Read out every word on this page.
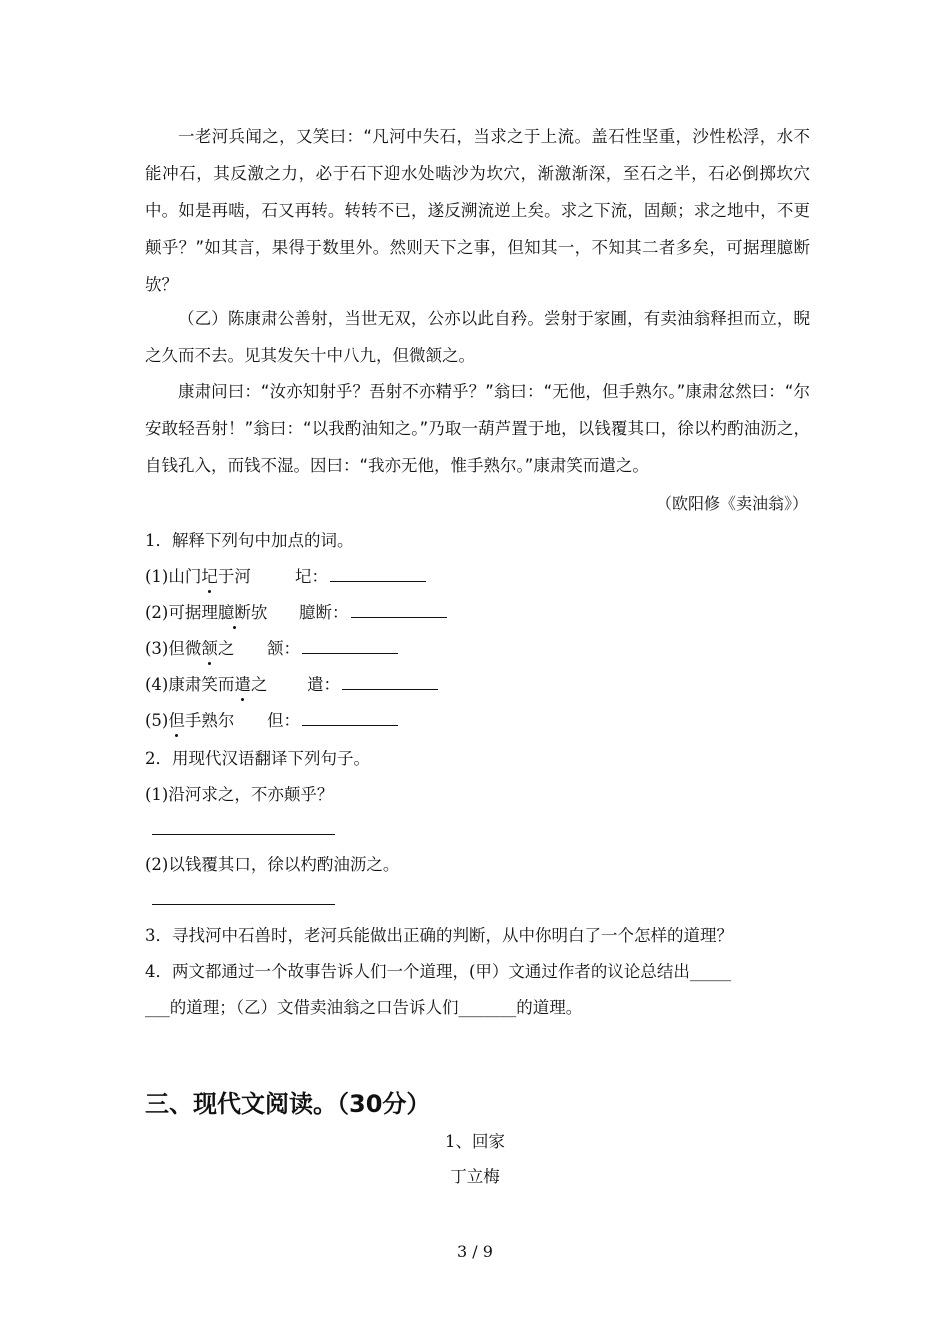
一老河兵闻之，又笑曰：“凡河中失石，当求之于上流。盖石性坚重，沙性松浮，水不能冲石，其反激之力，必于石下迎水处啮沙为坎穴，渐激渐深，至石之半，石必倒掷坎穴中。如是再啮，石又再转。转转不已，遂反溯流逆上矣。求之下流，固颠；求之地中，不更颠乎？”如其言，果得于数里外。然则天下之事，但知其一，不知其二者多矣，可据理臆断欤？

（乙）陈康肃公善射，当世无双，公亦以此自矜。尝射于家圃，有卖油翁释担而立，睨之久而不去。见其发矢十中八九，但微颔之。

康肃问曰：“汝亦知射乎？吾射不亦精乎？”翁曰：“无他，但手熟尔。”康肃忿然曰：“尔安敢轻吾射！”翁曰：“以我酌油知之。”乃取一葫芦置于地，以钱覆其口，徐以杓酌油沥之，自钱孔入，而钱不湿。因曰：“我亦无他，惟手熟尔。”康肃笑而遣之。

（欧阳修《卖油翁》）
1．解释下列句中加点的词。
(1)山门圮于河	圮：
(2)可据理臆断欤	臆断：
(3)但微颔之	颔：
(4)康肃笑而遣之	遣：
(5)但手熟尔	但：
2．用现代汉语翻译下列句子。
(1)沿河求之，不亦颠乎？
(2)以钱覆其口，徐以杓酌油沥之。
3．寻找河中石兽时，老河兵能做出正确的判断，从中你明白了一个怎样的道理？
4．两文都通过一个故事告诉人们一个道理，(甲）文通过作者的议论总结出_____
___的道理；（乙）文借卖油翁之口告诉人们_______的道理。
三、现代文阅读。（30分）
1、回家
丁立梅
3 / 9
